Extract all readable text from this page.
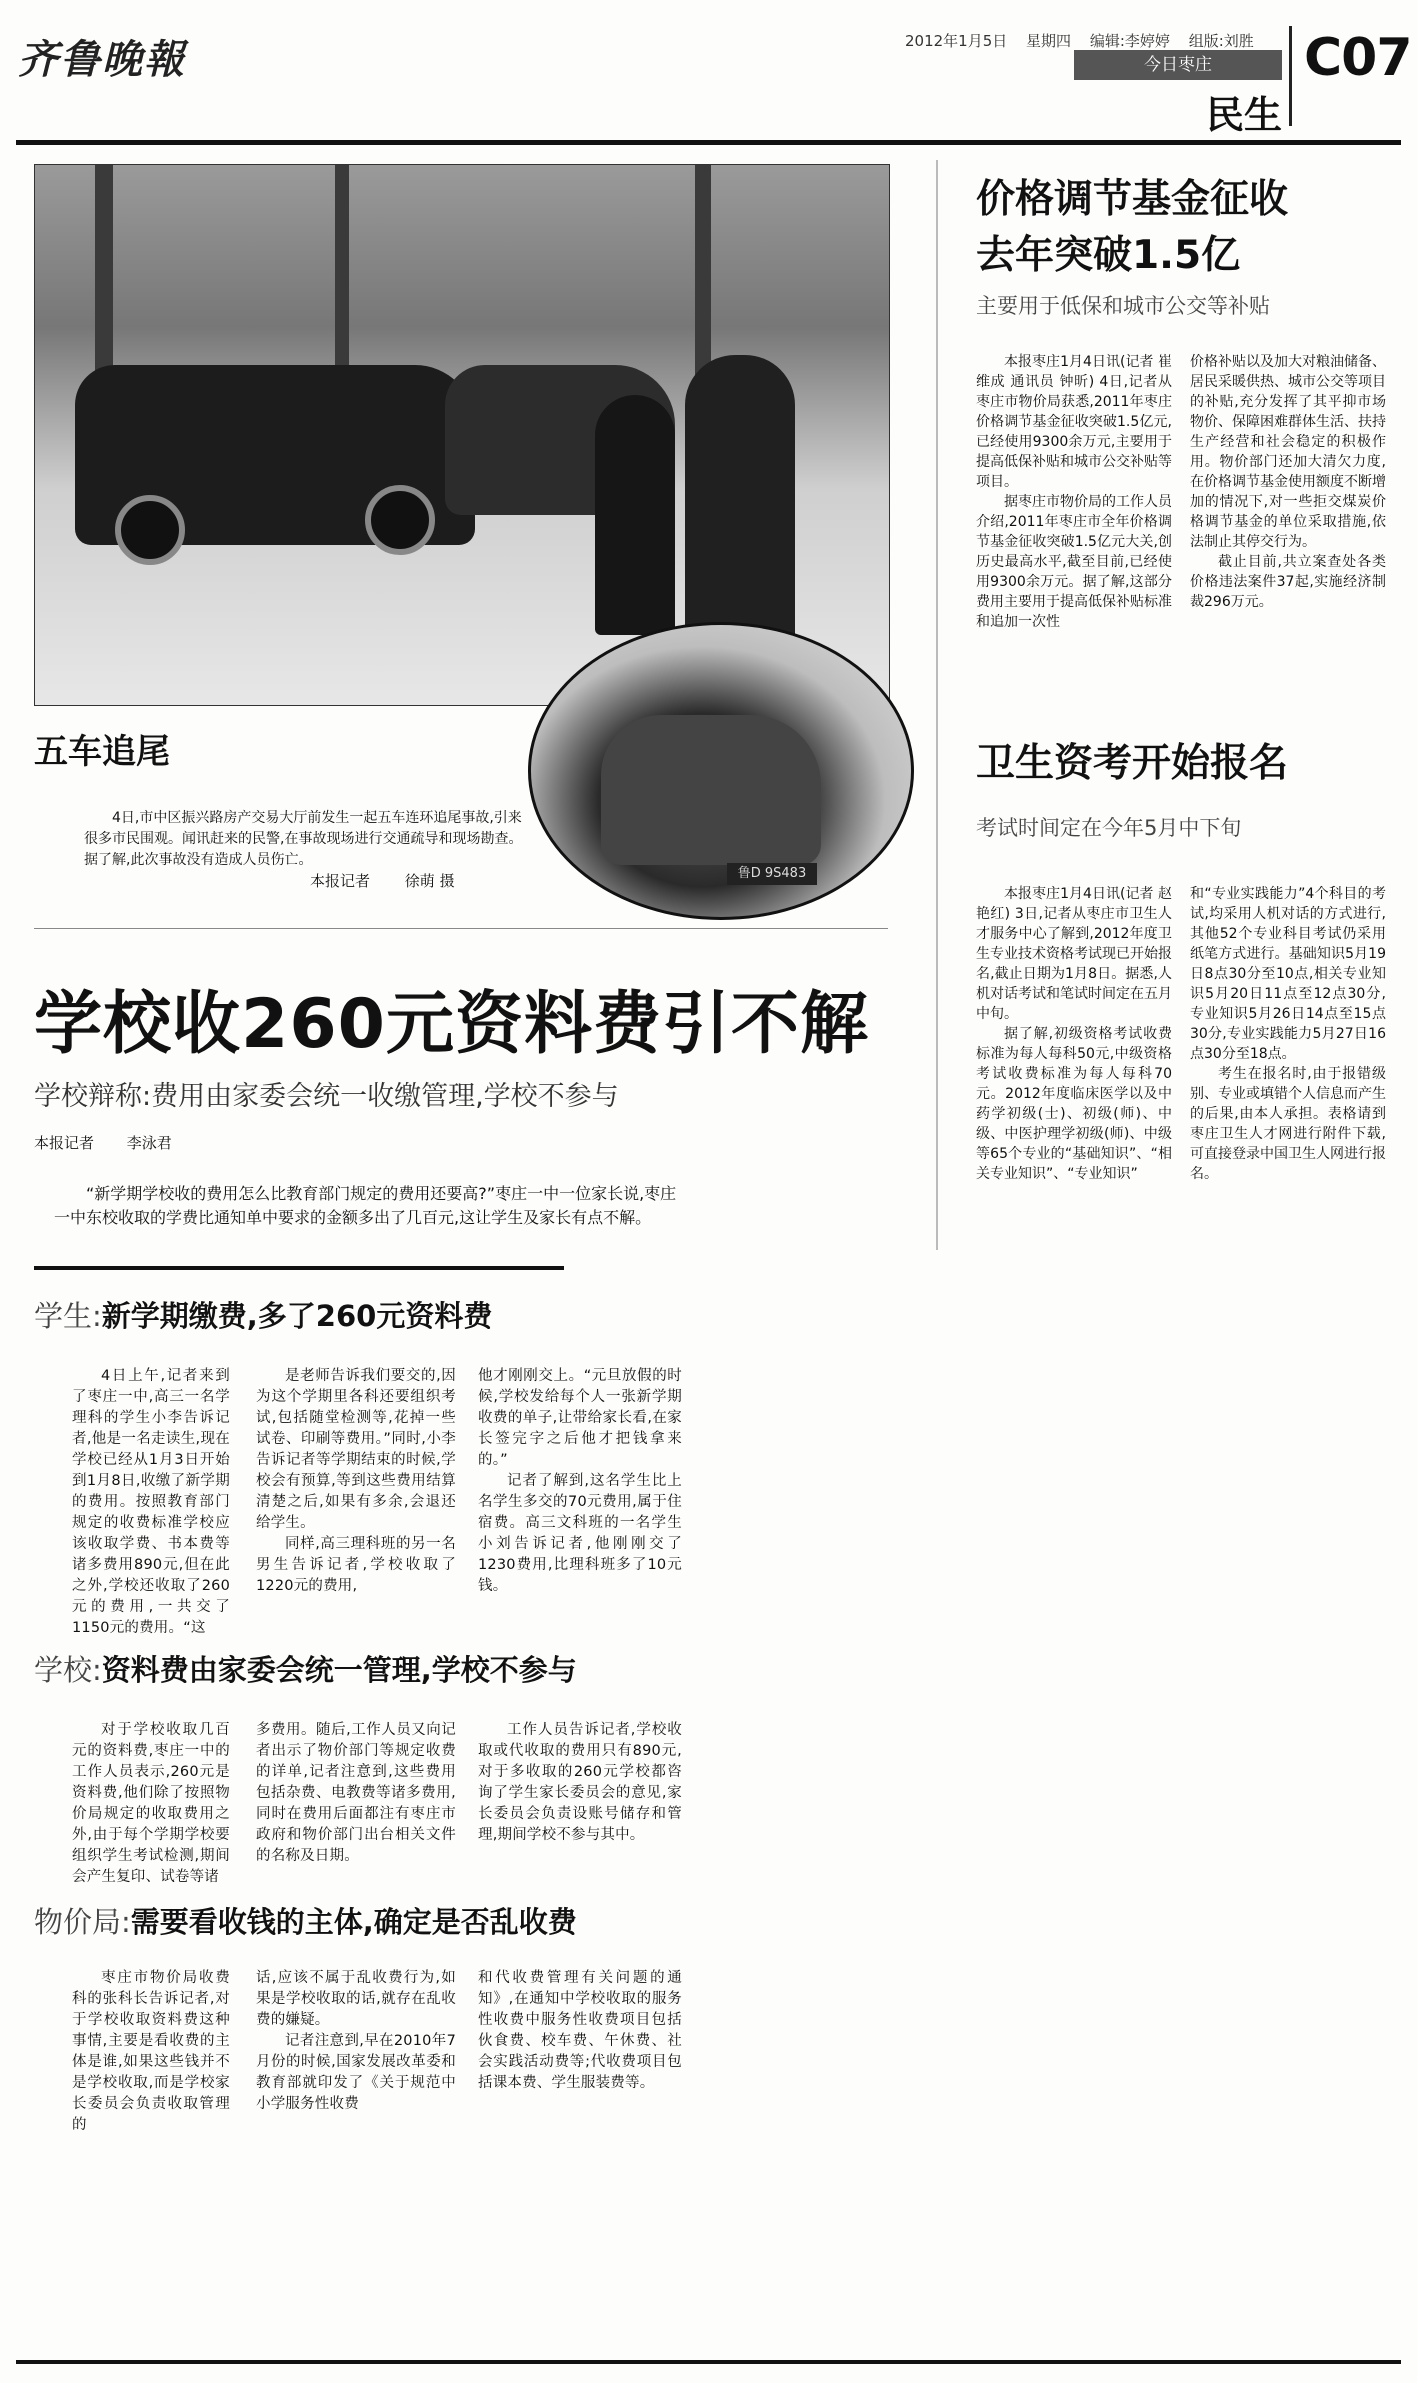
齐鲁晚報	2012年1月5日 星期四 编辑:李婷婷 组版:刘胜
今日枣庄
民生
C07
鲁D 9S483
五车追尾
4日,市中区振兴路房产交易大厅前发生一起五车连环追尾事故,引来很多市民围观。闻讯赶来的民警,在事故现场进行交通疏导和现场勘查。据了解,此次事故没有造成人员伤亡。
本报记者 徐萌 摄
学校收260元资料费引不解
学校辩称:费用由家委会统一收缴管理,学校不参与
本报记者 李泳君
“新学期学校收的费用怎么比教育部门规定的费用还要高?”枣庄一中一位家长说,枣庄一中东校收取的学费比通知单中要求的金额多出了几百元,这让学生及家长有点不解。
学生:新学期缴费,多了260元资料费

4日上午,记者来到了枣庄一中,高三一名学理科的学生小李告诉记者,他是一名走读生,现在学校已经从1月3日开始到1月8日,收缴了新学期的费用。按照教育部门规定的收费标准学校应该收取学费、书本费等诸多费用890元,但在此之外,学校还收取了260元的费用,一共交了1150元的费用。“这

是老师告诉我们要交的,因为这个学期里各科还要组织考试,包括随堂检测等,花掉一些试卷、印刷等费用。”同时,小李告诉记者等学期结束的时候,学校会有预算,等到这些费用结算清楚之后,如果有多余,会退还给学生。

同样,高三理科班的另一名男生告诉记者,学校收取了1220元的费用,

他才刚刚交上。“元旦放假的时候,学校发给每个人一张新学期收费的单子,让带给家长看,在家长签完字之后他才把钱拿来的。”

记者了解到,这名学生比上名学生多交的70元费用,属于住宿费。高三文科班的一名学生小刘告诉记者,他刚刚交了1230费用,比理科班多了10元钱。

学校:资料费由家委会统一管理,学校不参与

对于学校收取几百元的资料费,枣庄一中的工作人员表示,260元是资料费,他们除了按照物价局规定的收取费用之外,由于每个学期学校要组织学生考试检测,期间会产生复印、试卷等诸

多费用。随后,工作人员又向记者出示了物价部门等规定收费的详单,记者注意到,这些费用包括杂费、电教费等诸多费用,同时在费用后面都注有枣庄市政府和物价部门出台相关文件的名称及日期。

工作人员告诉记者,学校收取或代收取的费用只有890元,对于多收取的260元学校都咨询了学生家长委员会的意见,家长委员会负责设账号储存和管理,期间学校不参与其中。

物价局:需要看收钱的主体,确定是否乱收费

枣庄市物价局收费科的张科长告诉记者,对于学校收取资料费这种事情,主要是看收费的主体是谁,如果这些钱并不是学校收取,而是学校家长委员会负责收取管理的

话,应该不属于乱收费行为,如果是学校收取的话,就存在乱收费的嫌疑。

记者注意到,早在2010年7月份的时候,国家发展改革委和教育部就印发了《关于规范中小学服务性收费

和代收费管理有关问题的通知》,在通知中学校收取的服务性收费中服务性收费项目包括伙食费、校车费、午休费、社会实践活动费等;代收费项目包括课本费、学生服装费等。

价格调节基金征收
去年突破1.5亿
主要用于低保和城市公交等补贴

本报枣庄1月4日讯(记者 崔维成 通讯员 钟昕) 4日,记者从枣庄市物价局获悉,2011年枣庄价格调节基金征收突破1.5亿元,已经使用9300余万元,主要用于提高低保补贴和城市公交补贴等项目。

据枣庄市物价局的工作人员介绍,2011年枣庄市全年价格调节基金征收突破1.5亿元大关,创历史最高水平,截至目前,已经使用9300余万元。据了解,这部分费用主要用于提高低保补贴标准和追加一次性

价格补贴以及加大对粮油储备、居民采暖供热、城市公交等项目的补贴,充分发挥了其平抑市场物价、保障困难群体生活、扶持生产经营和社会稳定的积极作用。物价部门还加大清欠力度,在价格调节基金使用额度不断增加的情况下,对一些拒交煤炭价格调节基金的单位采取措施,依法制止其停交行为。

截止目前,共立案查处各类价格违法案件37起,实施经济制裁296万元。

卫生资考开始报名
考试时间定在今年5月中下旬

本报枣庄1月4日讯(记者 赵艳红) 3日,记者从枣庄市卫生人才服务中心了解到,2012年度卫生专业技术资格考试现已开始报名,截止日期为1月8日。据悉,人机对话考试和笔试时间定在五月中旬。

据了解,初级资格考试收费标准为每人每科50元,中级资格考试收费标准为每人每科70元。2012年度临床医学以及中药学初级(士)、初级(师)、中级、中医护理学初级(师)、中级等65个专业的“基础知识”、“相关专业知识”、“专业知识”

和“专业实践能力”4个科目的考试,均采用人机对话的方式进行,其他52个专业科目考试仍采用纸笔方式进行。基础知识5月19日8点30分至10点,相关专业知识5月20日11点至12点30分,专业知识5月26日14点至15点30分,专业实践能力5月27日16点30分至18点。

考生在报名时,由于报错级别、专业或填错个人信息而产生的后果,由本人承担。表格请到枣庄卫生人才网进行附件下载,可直接登录中国卫生人网进行报名。
